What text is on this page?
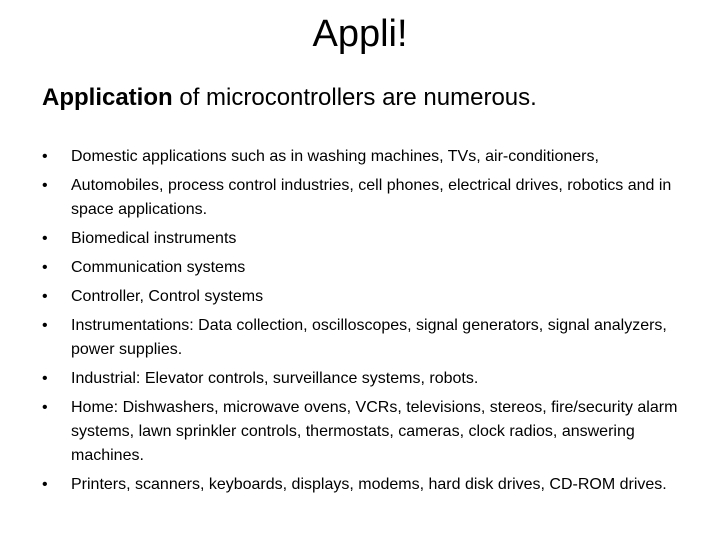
Appli!

Application of microcontrollers are numerous.

•	Domestic applications such as in washing machines, TVs, air-conditioners,
•	Automobiles, process control industries, cell phones, electrical drives, robotics and in space applications.
•	Biomedical instruments
•	Communication systems
•	Controller, Control systems
•	Instrumentations: Data collection, oscilloscopes, signal generators, signal analyzers, power supplies.
•	Industrial: Elevator controls, surveillance systems, robots.
•	Home: Dishwashers, microwave ovens, VCRs, televisions, stereos, fire/security alarm systems, lawn sprinkler controls, thermostats, cameras, clock radios, answering machines.
•	Printers, scanners, keyboards, displays, modems, hard disk drives, CD-ROM drives.
